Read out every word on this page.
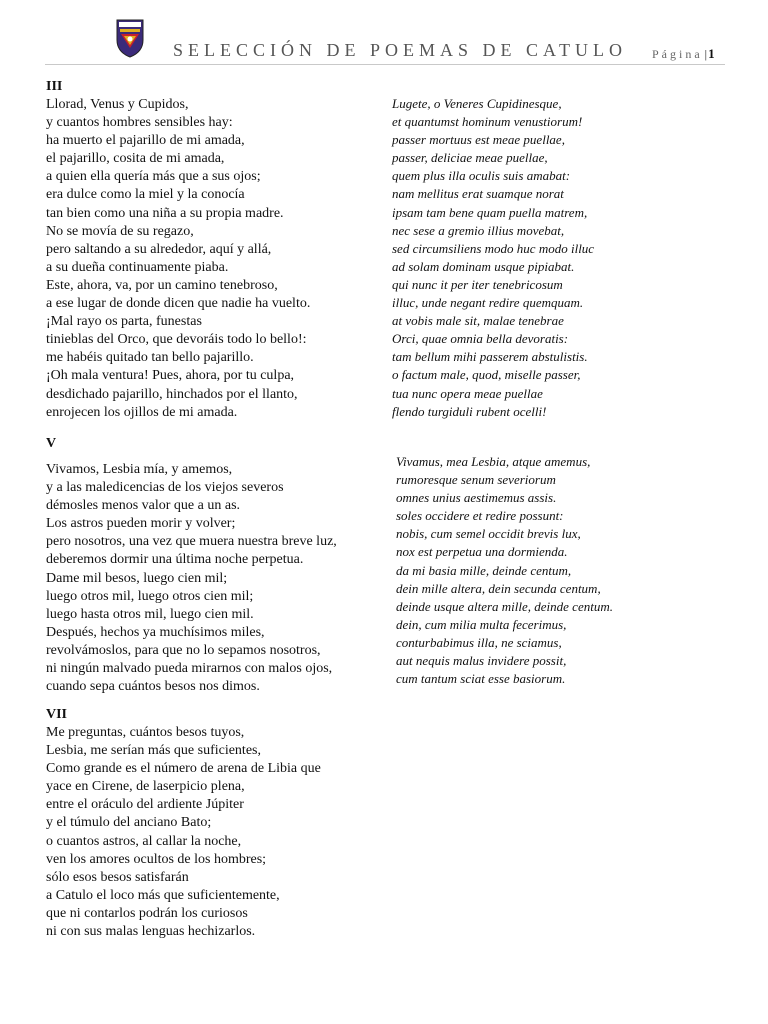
SELECCIÓN DE POEMAS DE CATULO Página |1
III
Llorad, Venus y Cupidos,
y cuantos hombres sensibles hay:
ha muerto el pajarillo de mi amada,
el pajarillo, cosita de mi amada,
a quien ella quería más que a sus ojos;
era dulce como la miel y la conocía
tan bien como una niña a su propia madre.
No se movía de su regazo,
pero saltando a su alrededor, aquí y allá,
a su dueña continuamente piaba.
Este, ahora, va, por un camino tenebroso,
a ese lugar de donde dicen que nadie ha vuelto.
¡Mal rayo os parta, funestas
tinieblas del Orco, que devoráis todo lo bello!:
me habéis quitado tan bello pajarillo.
¡Oh mala ventura! Pues, ahora, por tu culpa,
desdichado pajarillo, hinchados por el llanto,
enrojecen los ojillos de mi amada.
Lugete, o Veneres Cupidinesque,
et quantumst hominum venustiorum!
passer mortuus est meae puellae,
passer, deliciae meae puellae,
quem plus illa oculis suis amabat:
nam mellitus erat suamque norat
ipsam tam bene quam puella matrem,
nec sese a gremio illius movebat,
sed circumsiliens modo huc modo illuc
ad solam dominam usque pipiabat.
qui nunc it per iter tenebricosum
illuc, unde negant redire quemquam.
at vobis male sit, malae tenebrae
Orci, quae omnia bella devoratis:
tam bellum mihi passerem abstulistis.
o factum male, quod, miselle passer,
tua nunc opera meae puellae
flendo turgiduli rubent ocelli!
V
Vivamos, Lesbia mía, y amemos,
y a las maledicencias de los viejos severos
démosles menos valor que a un as.
Los astros pueden morir y volver;
pero nosotros, una vez que muera nuestra breve luz,
deberemos dormir una última noche perpetua.
Dame mil besos, luego cien mil;
luego otros mil, luego otros cien mil;
luego hasta otros mil, luego cien mil.
Después, hechos ya muchísimos miles,
revolvámoslos, para que no lo sepamos nosotros,
ni ningún malvado pueda mirarnos con malos ojos,
cuando sepa cuántos besos nos dimos.
Vivamus, mea Lesbia, atque amemus,
rumoresque senum severiorum
omnes unius aestimemus assis.
soles occidere et redire possunt:
nobis, cum semel occidit brevis lux,
nox est perpetua una dormienda.
da mi basia mille, deinde centum,
dein mille altera, dein secunda centum,
deinde usque altera mille, deinde centum.
dein, cum milia multa fecerimus,
conturbabimus illa, ne sciamus,
aut nequis malus invidere possit,
cum tantum sciat esse basiorum.
VII
Me preguntas, cuántos besos tuyos,
Lesbia, me serían más que suficientes,
Como grande es el número de arena de Libia que
yace en Cirene, de laserpicio plena,
entre el oráculo del ardiente Júpiter
y el túmulo del anciano Bato;
o cuantos astros, al callar la noche,
ven los amores ocultos de los hombres;
sólo esos besos satisfarán
a Catulo el loco más que suficientemente,
que ni contarlos podrán los curiosos
ni con sus malas lenguas hechizarlos.
